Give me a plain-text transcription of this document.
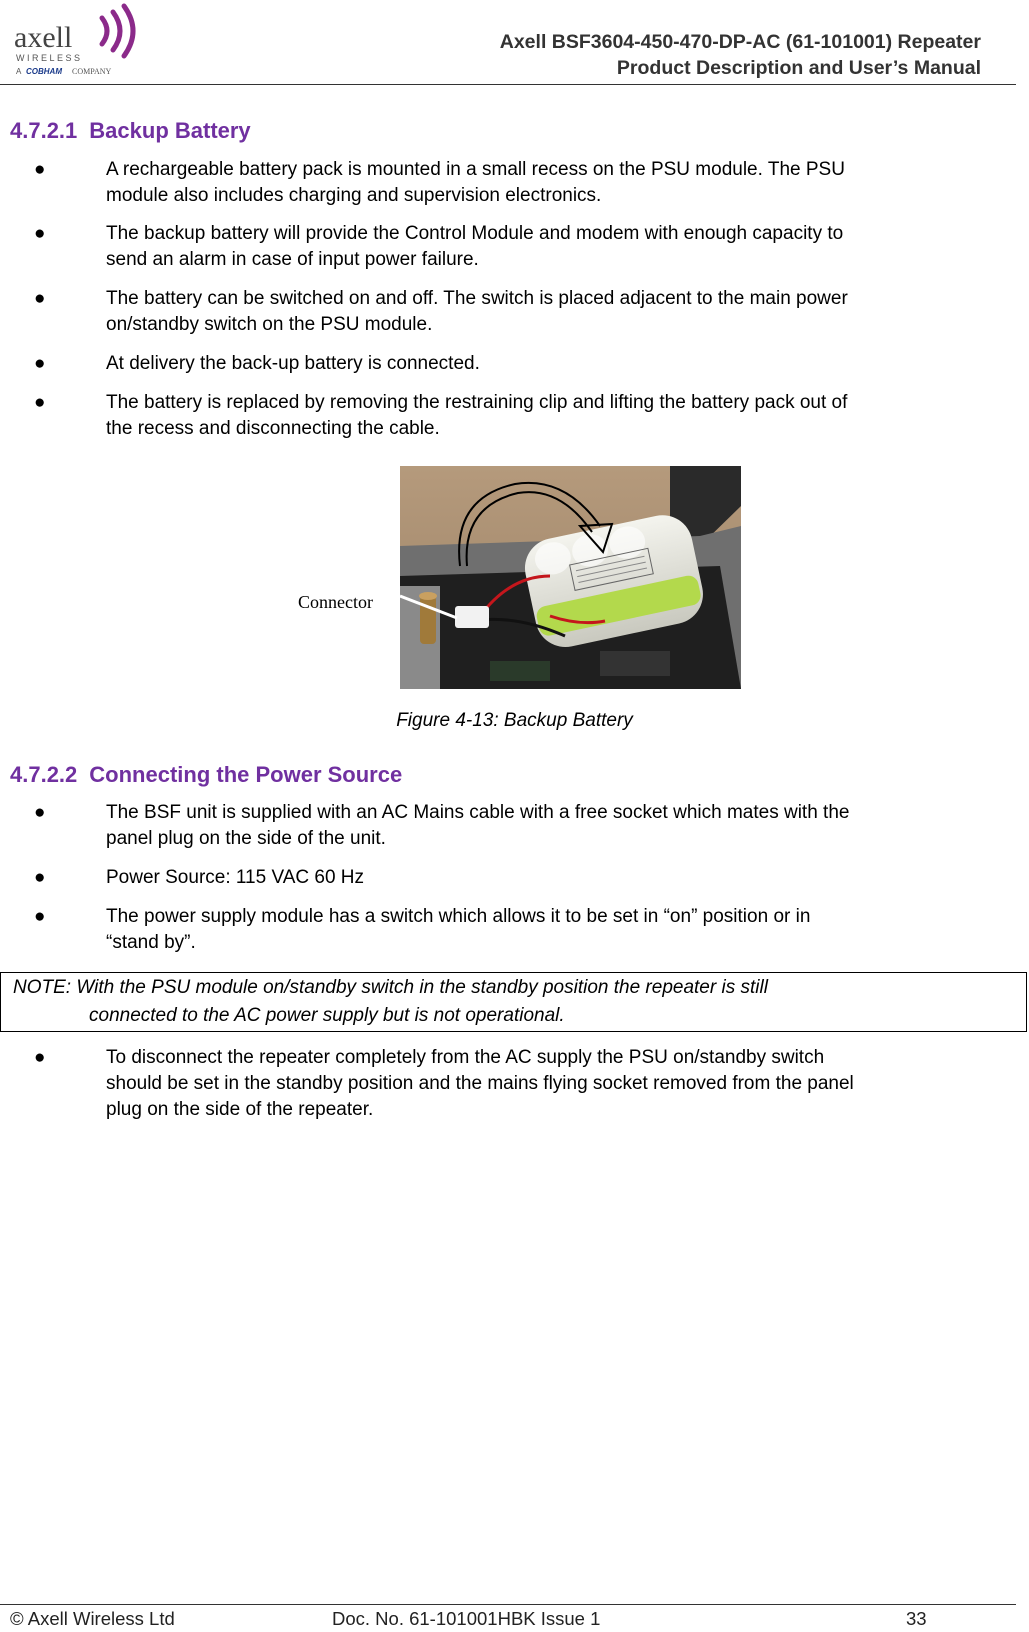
axell
WIRELESS
A COBHAM COMPANY
Axell BSF3604-450-470-DP-AC (61-101001) Repeater
Product Description and User’s Manual
4.7.2.1 Backup Battery
●	A rechargeable battery pack is mounted in a small recess on the PSU module. The PSU
module also includes charging and supervision electronics.
●	The backup battery will provide the Control Module and modem with enough capacity to
send an alarm in case of input power failure.
●	The battery can be switched on and off. The switch is placed adjacent to the main power
on/standby switch on the PSU module.
●	At delivery the back-up battery is connected.
●	The battery is replaced by removing the restraining clip and lifting the battery pack out of
the recess and disconnecting the cable.
Connector
Figure 4-13: Backup Battery
4.7.2.2 Connecting the Power Source
●	The BSF unit is supplied with an AC Mains cable with a free socket which mates with the
panel plug on the side of the unit.
●	Power Source: 115 VAC 60 Hz
●	The power supply module has a switch which allows it to be set in “on” position or in
“stand by”.
NOTE: With the PSU module on/standby switch in the standby position the repeater is still
connected to the AC power supply but is not operational.
●	To disconnect the repeater completely from the AC supply the PSU on/standby switch
should be set in the standby position and the mains flying socket removed from the panel
plug on the side of the repeater.
© Axell Wireless Ltd	Doc. No. 61-101001HBK Issue 1	33
